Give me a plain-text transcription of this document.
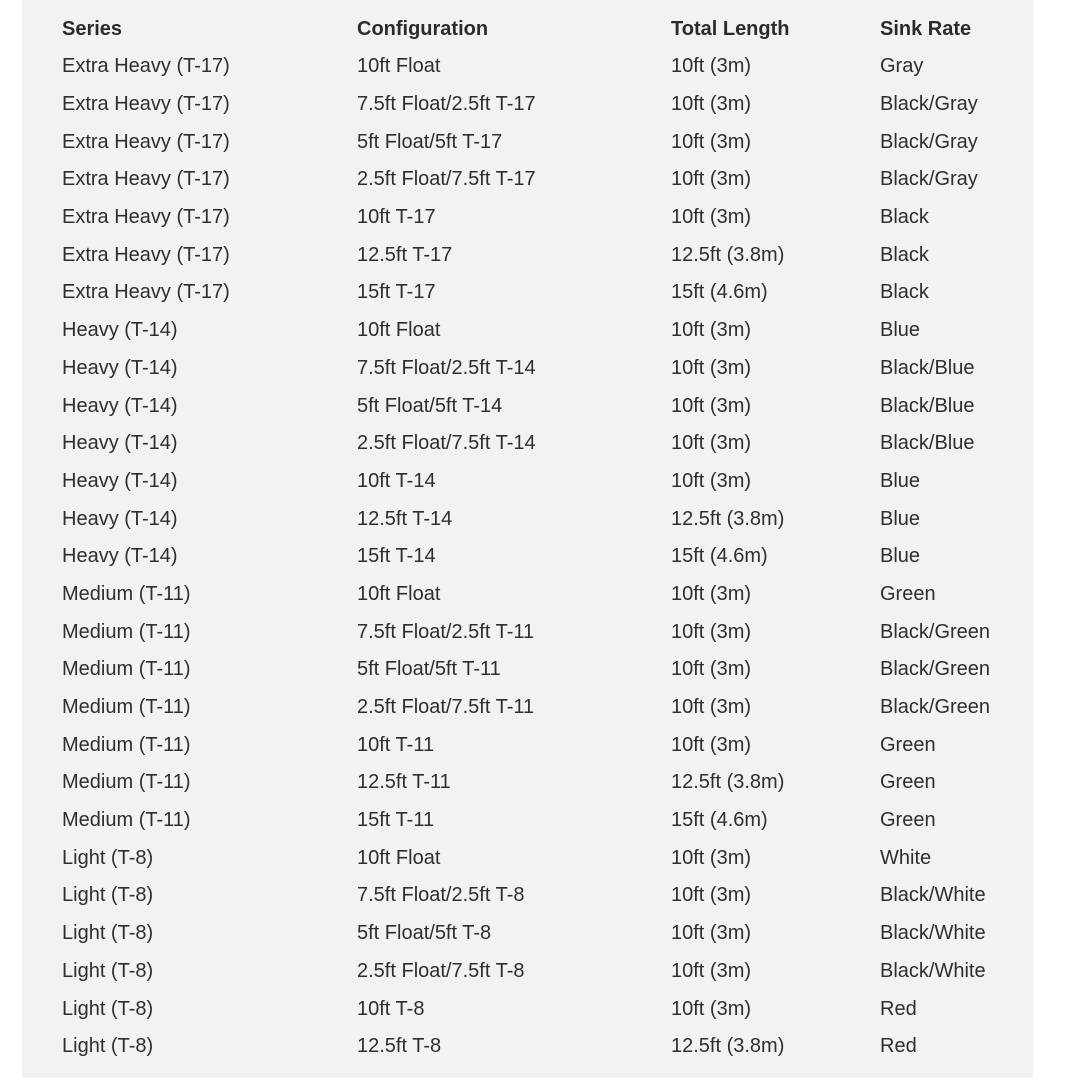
Series	Configuration	Total Length	Sink Rate
Extra Heavy (T-17)	10ft Float	10ft (3m)	Gray
Extra Heavy (T-17)	7.5ft Float/2.5ft T-17	10ft (3m)	Black/Gray
Extra Heavy (T-17)	5ft Float/5ft T-17	10ft (3m)	Black/Gray
Extra Heavy (T-17)	2.5ft Float/7.5ft T-17	10ft (3m)	Black/Gray
Extra Heavy (T-17)	10ft T-17	10ft (3m)	Black
Extra Heavy (T-17)	12.5ft T-17	12.5ft (3.8m)	Black
Extra Heavy (T-17)	15ft T-17	15ft (4.6m)	Black
Heavy (T-14)	10ft Float	10ft (3m)	Blue
Heavy (T-14)	7.5ft Float/2.5ft T-14	10ft (3m)	Black/Blue
Heavy (T-14)	5ft Float/5ft T-14	10ft (3m)	Black/Blue
Heavy (T-14)	2.5ft Float/7.5ft T-14	10ft (3m)	Black/Blue
Heavy (T-14)	10ft T-14	10ft (3m)	Blue
Heavy (T-14)	12.5ft T-14	12.5ft (3.8m)	Blue
Heavy (T-14)	15ft T-14	15ft (4.6m)	Blue
Medium (T-11)	10ft Float	10ft (3m)	Green
Medium (T-11)	7.5ft Float/2.5ft T-11	10ft (3m)	Black/Green
Medium (T-11)	5ft Float/5ft T-11	10ft (3m)	Black/Green
Medium (T-11)	2.5ft Float/7.5ft T-11	10ft (3m)	Black/Green
Medium (T-11)	10ft T-11	10ft (3m)	Green
Medium (T-11)	12.5ft T-11	12.5ft (3.8m)	Green
Medium (T-11)	15ft T-11	15ft (4.6m)	Green
Light (T-8)	10ft Float	10ft (3m)	White
Light (T-8)	7.5ft Float/2.5ft T-8	10ft (3m)	Black/White
Light (T-8)	5ft Float/5ft T-8	10ft (3m)	Black/White
Light (T-8)	2.5ft Float/7.5ft T-8	10ft (3m)	Black/White
Light (T-8)	10ft T-8	10ft (3m)	Red
Light (T-8)	12.5ft T-8	12.5ft (3.8m)	Red
